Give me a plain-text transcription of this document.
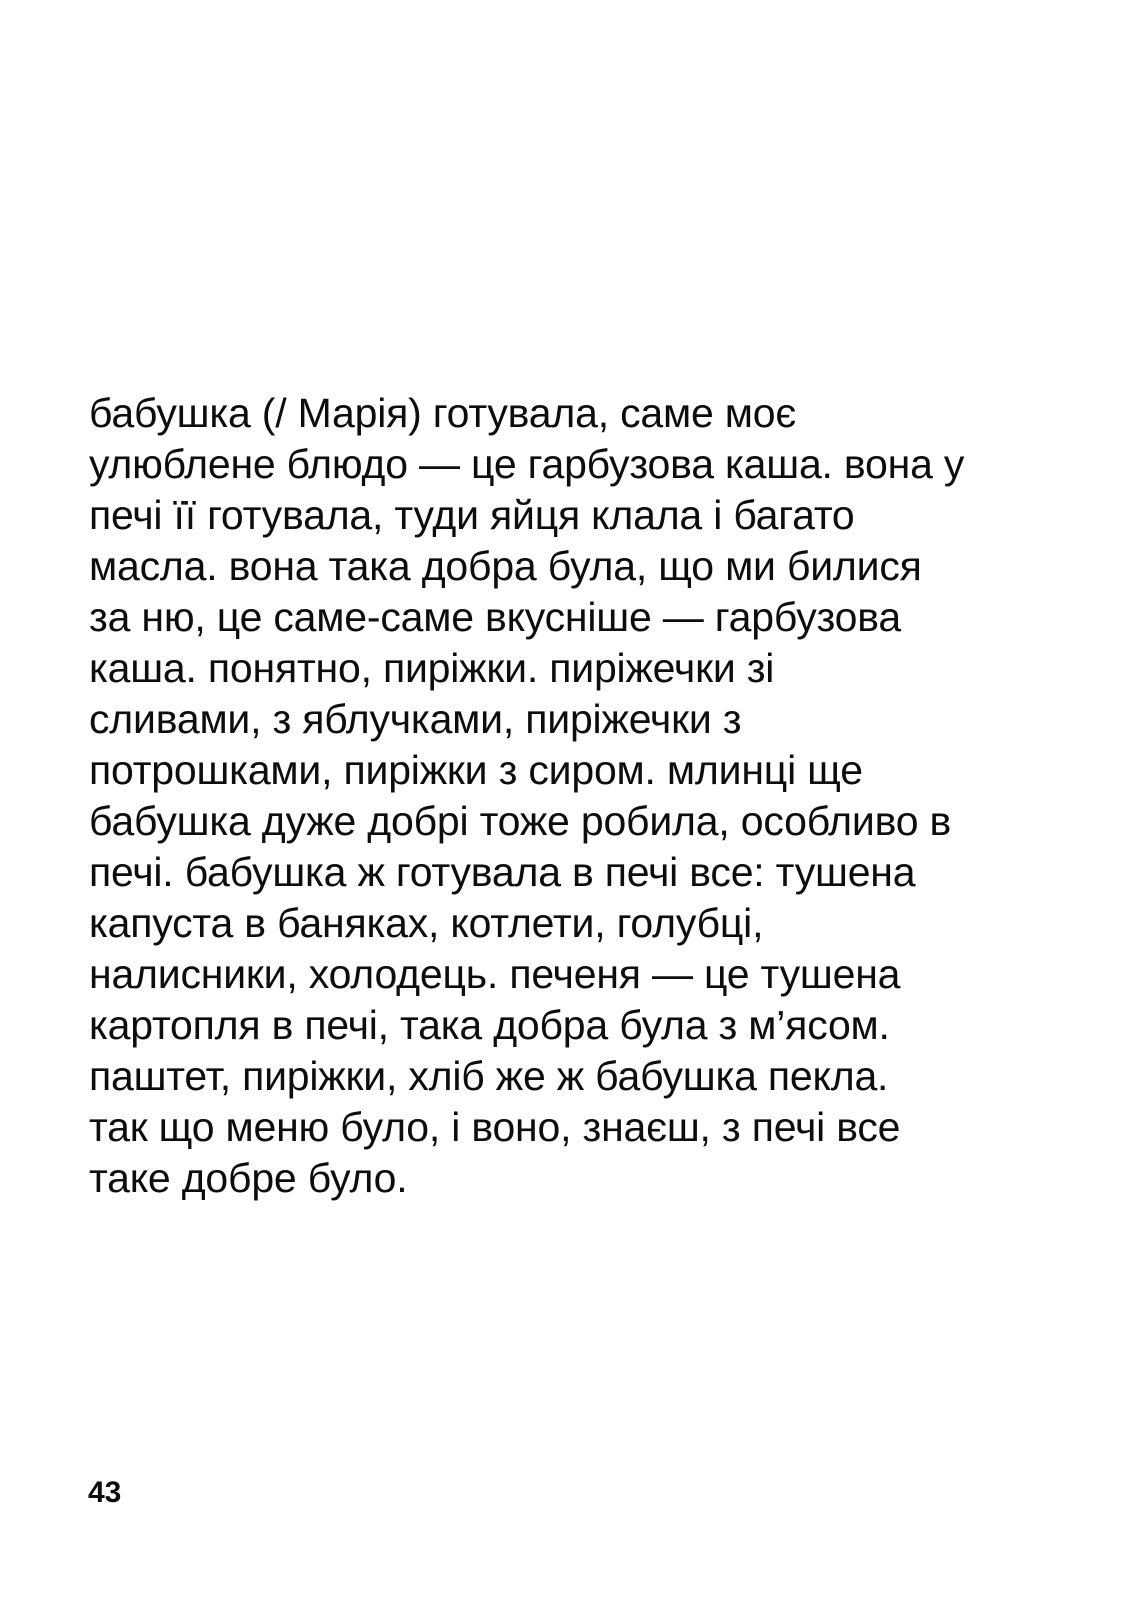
бабушка (/ Марія) готувала, саме моє
улюблене блюдо — це гарбузова каша. вона у
печі її готувала, туди яйця клала і багато
масла. вона така добра була, що ми билися
за ню, це саме-саме вкусніше — гарбузова
каша. понятно, пиріжки. пиріжечки зі
сливами, з яблучками, пиріжечки з
потрошками, пиріжки з сиром. млинці ще
бабушка дуже добрі тоже робила, особливо в
печі. бабушка ж готувала в печі все: тушена
капуста в баняках, котлети, голубці,
налисники, холодець. печеня — це тушена
картопля в печі, така добра була з м’ясом.
паштет, пиріжки, хліб же ж бабушка пекла.
так що меню було, і воно, знаєш, з печі все
таке добре було.

43
